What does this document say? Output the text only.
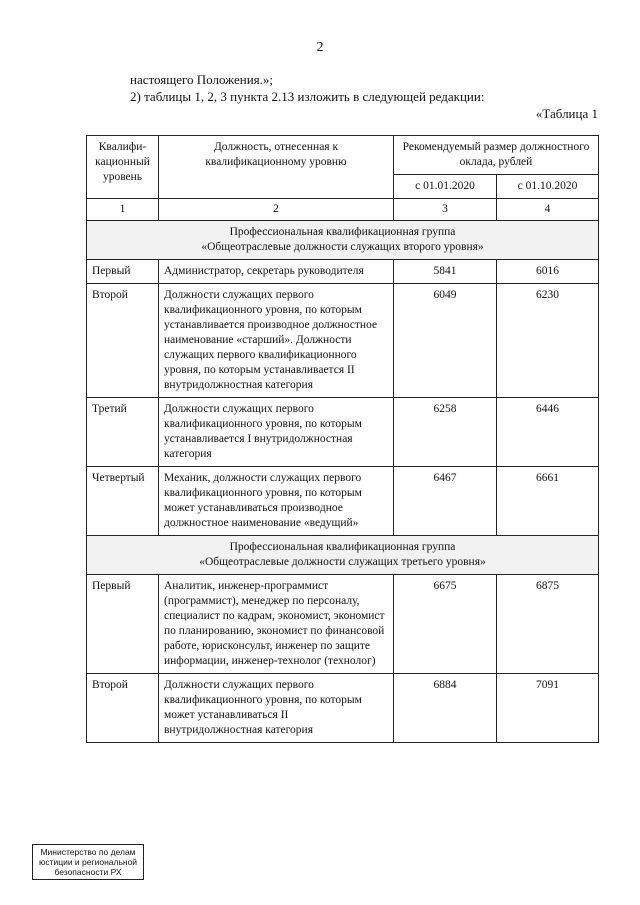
2
настоящего Положения.»;
2) таблицы 1, 2, 3 пункта 2.13 изложить в следующей редакции:
«Таблица 1
Квалифи-кационный уровень	Должность, отнесенная к квалификационному уровню	Рекомендуемый размер должностного оклада, рублей	
		с 01.01.2020	с 01.10.2020
1	2	3	4
Профессиональная квалификационная группа
«Общеотраслевые должности служащих второго уровня»			
Первый	Администратор, секретарь руководителя	5841	6016
Второй	Должности служащих первого квалификационного уровня, по которым устанавливается производное должностное наименование «старший». Должности служащих первого квалификационного уровня, по которым устанавливается II внутридолжностная категория	6049	6230
Третий	Должности служащих первого квалификационного уровня, по которым устанавливается I внутридолжностная категория	6258	6446
Четвертый	Механик, должности служащих первого квалификационного уровня, по которым может устанавливаться производное должностное наименование «ведущий»	6467	6661
Профессиональная квалификационная группа
«Общеотраслевые должности служащих третьего уровня»			
Первый	Аналитик, инженер-программист (программист), менеджер по персоналу, специалист по кадрам, экономист, экономист по планированию, экономист по финансовой работе, юрисконсульт, инженер по защите информации, инженер-технолог (технолог)	6675	6875
Второй	Должности служащих первого квалификационного уровня, по которым может устанавливаться II внутридолжностная категория	6884	7091
Министерство по делам
юстиции и региональной
безопасности РХ
